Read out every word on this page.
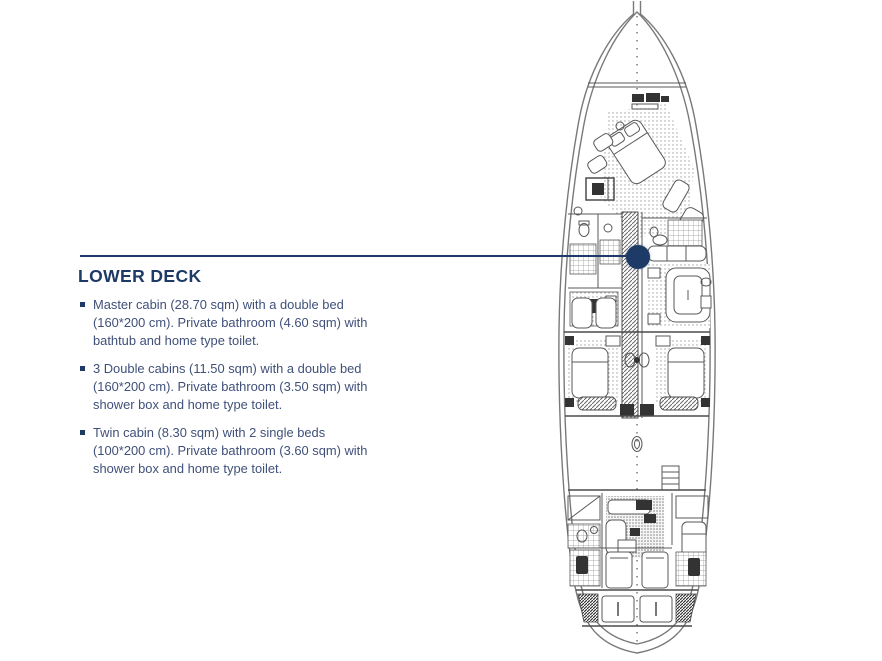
LOWER DECK
Master cabin (28.70 sqm) with a double bed (160*200 cm). Private bathroom (4.60 sqm) with bathtub and home type toilet.
3 Double cabins (11.50 sqm) with a double bed (160*200 cm). Private bathroom (3.50 sqm) with shower box and home type toilet.
Twin cabin (8.30 sqm) with 2 single beds (100*200 cm). Private bathroom (3.60 sqm) with shower box and home type toilet.
